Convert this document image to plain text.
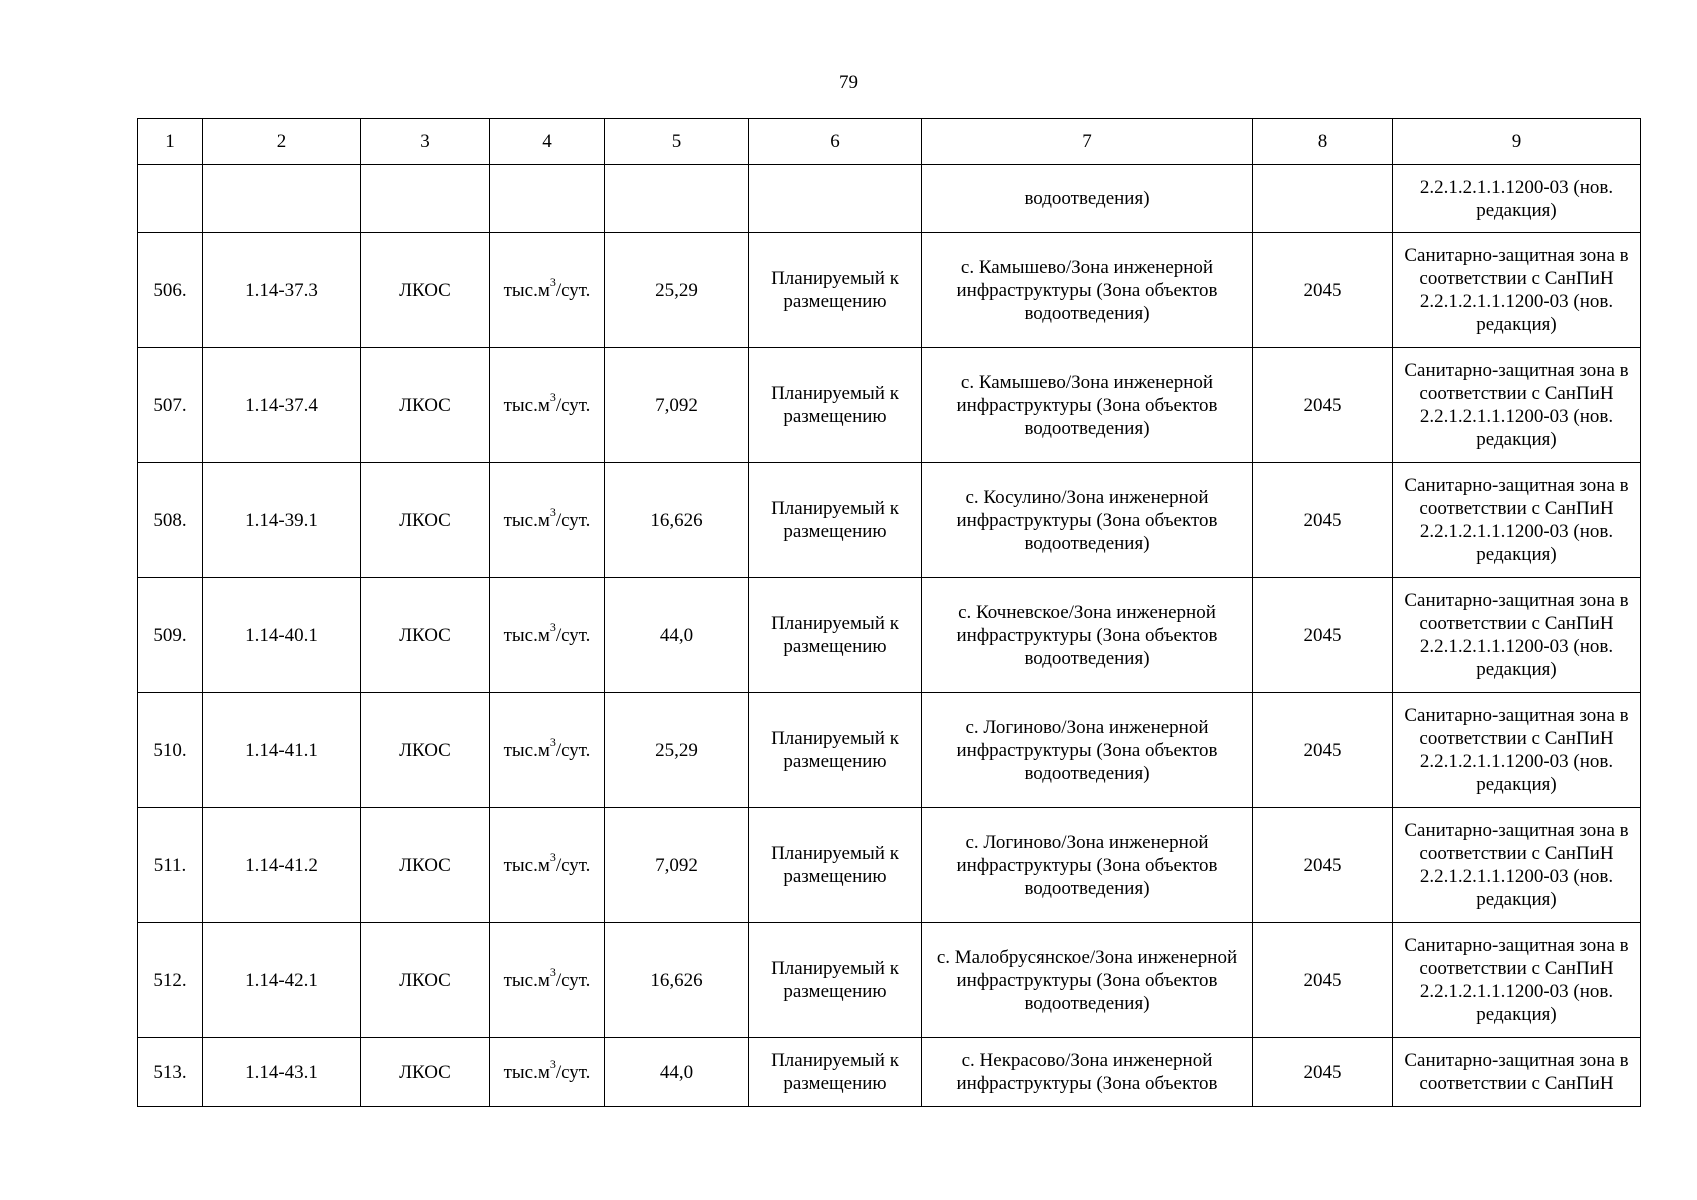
79
1	2	3	4	5	6	7	8	9
						водоотведения)		2.2.1.2.1.1.1200-03 (нов. редакция)
506.	1.14-37.3	ЛКОС	$тыс.м^3$/сут.	25,29	Планируемый к размещению	с. Камышево/Зона инженерной инфраструктуры (Зона объектов водоотведения)	2045	Санитарно-защитная зона в соответствии с СанПиН 2.2.1.2.1.1.1200-03 (нов. редакция)
507.	1.14-37.4	ЛКОС	$тыс.м^3$/сут.	7,092	Планируемый к размещению	с. Камышево/Зона инженерной инфраструктуры (Зона объектов водоотведения)	2045	Санитарно-защитная зона в соответствии с СанПиН 2.2.1.2.1.1.1200-03 (нов. редакция)
508.	1.14-39.1	ЛКОС	$тыс.м^3$/сут.	16,626	Планируемый к размещению	с. Косулино/Зона инженерной инфраструктуры (Зона объектов водоотведения)	2045	Санитарно-защитная зона в соответствии с СанПиН 2.2.1.2.1.1.1200-03 (нов. редакция)
509.	1.14-40.1	ЛКОС	$тыс.м^3$/сут.	44,0	Планируемый к размещению	с. Кочневское/Зона инженерной инфраструктуры (Зона объектов водоотведения)	2045	Санитарно-защитная зона в соответствии с СанПиН 2.2.1.2.1.1.1200-03 (нов. редакция)
510.	1.14-41.1	ЛКОС	$тыс.м^3$/сут.	25,29	Планируемый к размещению	с. Логиново/Зона инженерной инфраструктуры (Зона объектов водоотведения)	2045	Санитарно-защитная зона в соответствии с СанПиН 2.2.1.2.1.1.1200-03 (нов. редакция)
511.	1.14-41.2	ЛКОС	$тыс.м^3$/сут.	7,092	Планируемый к размещению	с. Логиново/Зона инженерной инфраструктуры (Зона объектов водоотведения)	2045	Санитарно-защитная зона в соответствии с СанПиН 2.2.1.2.1.1.1200-03 (нов. редакция)
512.	1.14-42.1	ЛКОС	$тыс.м^3$/сут.	16,626	Планируемый к размещению	с. Малобрусянское/Зона инженерной инфраструктуры (Зона объектов водоотведения)	2045	Санитарно-защитная зона в соответствии с СанПиН 2.2.1.2.1.1.1200-03 (нов. редакция)
513.	1.14-43.1	ЛКОС	$тыс.м^3$/сут.	44,0	Планируемый к размещению	с. Некрасово/Зона инженерной инфраструктуры (Зона объектов	2045	Санитарно-защитная зона в соответствии с СанПиН
